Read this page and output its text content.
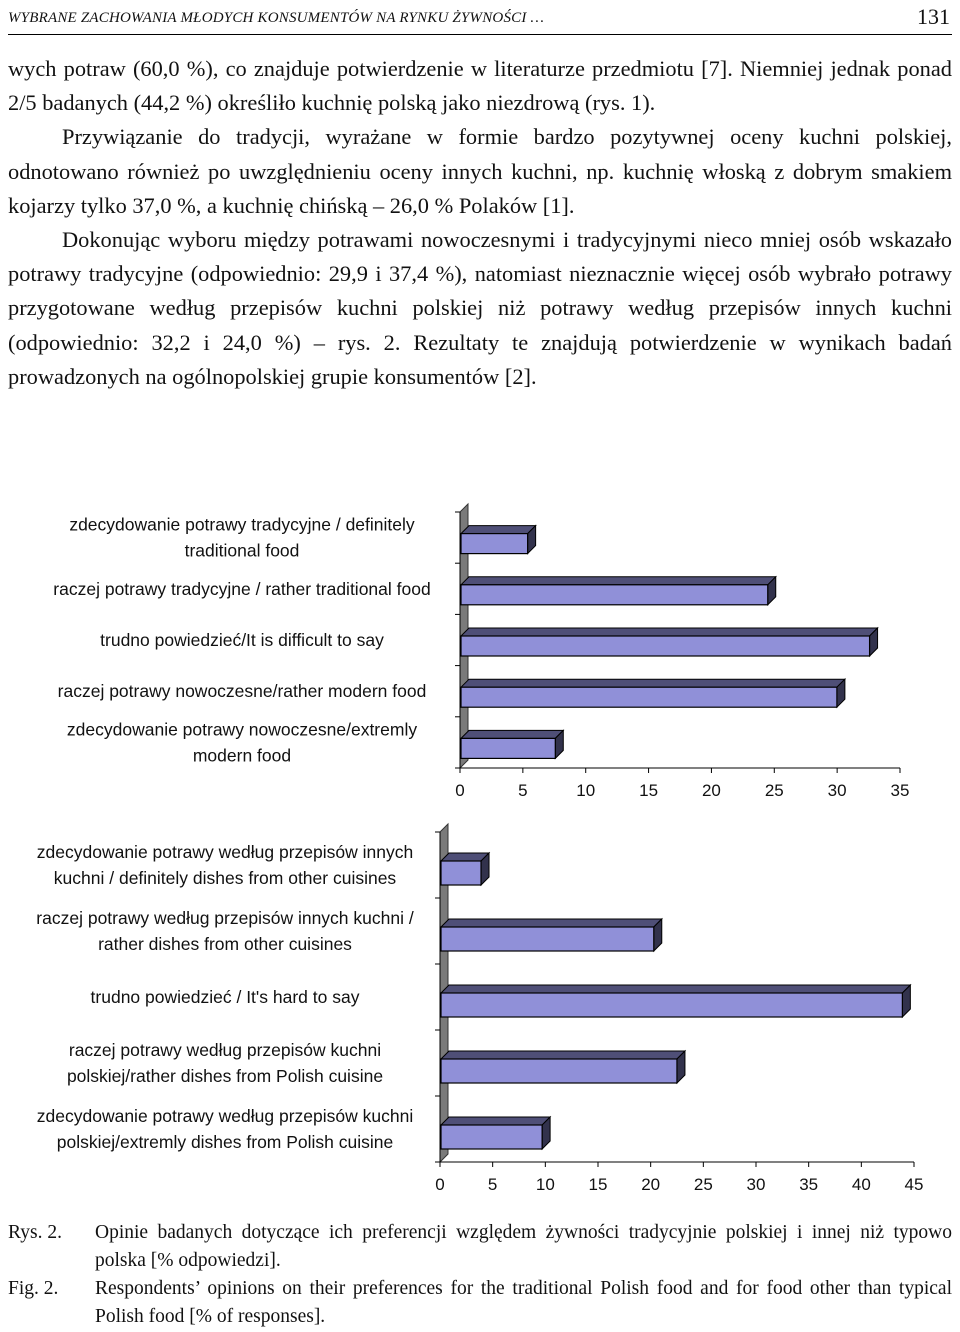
WYBRANE ZACHOWANIA MŁODYCH KONSUMENTÓW NA RYNKU ŻYWNOŚCI …	131

wych potraw (60,0 %), co znajduje potwierdzenie w literaturze przedmiotu [7]. Niemniej jednak ponad 2/5 badanych (44,2 %) określiło kuchnię polską jako niezdrową (rys. 1).

Przywiązanie do tradycji, wyrażane w formie bardzo pozytywnej oceny kuchni polskiej, odnotowano również po uwzględnieniu oceny innych kuchni, np. kuchnię włoską z dobrym smakiem kojarzy tylko 37,0 %, a kuchnię chińską – 26,0 % Polaków [1].

Dokonując wyboru między potrawami nowoczesnymi i tradycyjnymi nieco mniej osób wskazało potrawy tradycyjne (odpowiednio: 29,9 i 37,4 %), natomiast nieznacznie więcej osób wybrało potrawy przygotowane według przepisów kuchni polskiej niż potrawy według przepisów innych kuchni (odpowiednio: 32,2 i 24,0 %) – rys. 2. Rezultaty te znajdują potwierdzenie w wynikach badań prowadzonych na ogólnopolskiej grupie konsumentów [2].

0	5	10	15	20	25	30	35
zdecydowanie potrawy tradycyjne / definitely traditional food
raczej potrawy tradycyjne / rather traditional food
trudno powiedzieć/It is difficult to say
raczej potrawy nowoczesne/rather modern food
zdecydowanie potrawy nowoczesne/extremly modern food
0	5 10 15 20 25 30 35 40 45
zdecydowanie potrawy według przepisów innych kuchni / definitely dishes from other cuisines
raczej potrawy według przepisów innych kuchni / rather dishes from other cuisines
trudno powiedzieć / It's hard to say
raczej potrawy według przepisów kuchni polskiej/rather dishes from Polish cuisine
zdecydowanie potrawy według przepisów kuchni polskiej/extremly dishes from Polish cuisine
Rys. 2. Opinie badanych dotyczące ich preferencji względem żywności tradycyjnie polskiej i innej niż typowo polska [% odpowiedzi].
Fig. 2. Respondents’ opinions on their preferences for the traditional Polish food and for food other than typical Polish food [% of responses].
